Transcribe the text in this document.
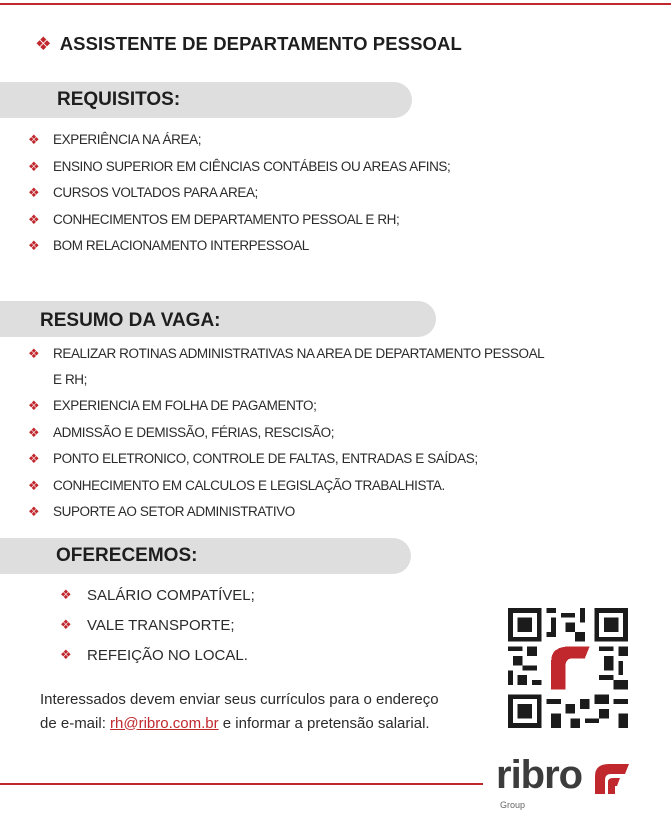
❖ ASSISTENTE DE DEPARTAMENTO PESSOAL
REQUISITOS:
❖ EXPERIÊNCIA NA ÁREA;
❖ ENSINO SUPERIOR EM CIÊNCIAS CONTÁBEIS OU AREAS AFINS;
❖ CURSOS VOLTADOS PARA AREA;
❖ CONHECIMENTOS EM DEPARTAMENTO PESSOAL E RH;
❖ BOM RELACIONAMENTO INTERPESSOAL
RESUMO DA VAGA:
❖ REALIZAR ROTINAS ADMINISTRATIVAS NA AREA DE DEPARTAMENTO PESSOAL
E RH;
❖ EXPERIENCIA EM FOLHA DE PAGAMENTO;
❖ ADMISSÃO E DEMISSÃO, FÉRIAS, RESCISÃO;
❖ PONTO ELETRONICO, CONTROLE DE FALTAS, ENTRADAS E SAÍDAS;
❖ CONHECIMENTO EM CALCULOS E LEGISLAÇÃO TRABALHISTA.
❖ SUPORTE AO SETOR ADMINISTRATIVO
OFERECEMOS:
❖ SALÁRIO COMPATÍVEL;
❖ VALE TRANSPORTE;
❖ REFEIÇÃO NO LOCAL.
Interessados devem enviar seus currículos para o endereço de e-mail: rh@ribro.com.br e informar a pretensão salarial.
ribro
Group
